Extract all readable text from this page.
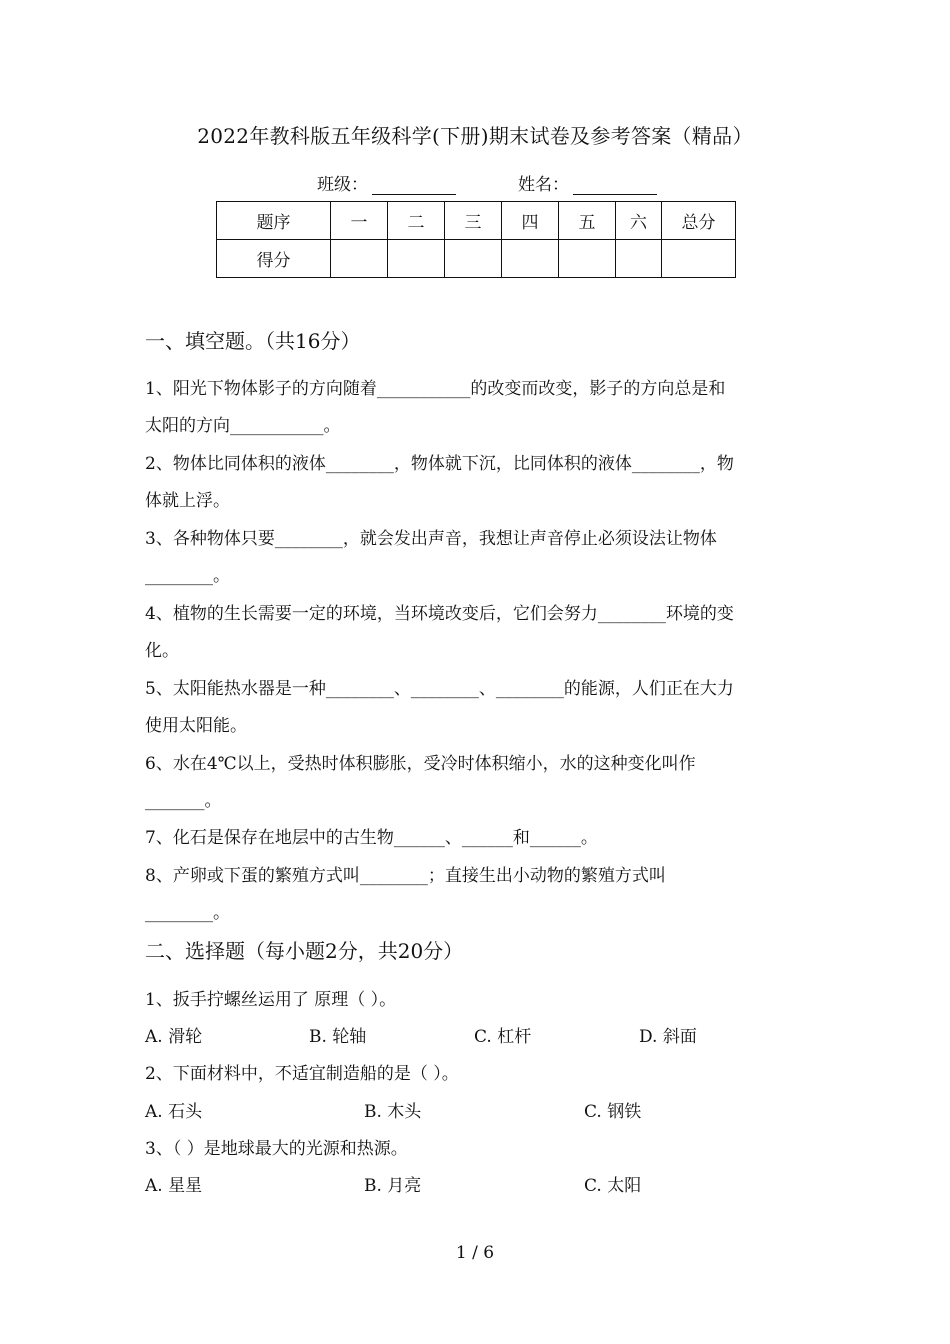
2022年教科版五年级科学(下册)期末试卷及参考答案（精品）
班级：	姓名：
题序	一	二	三	四	五	六	总分
得分							
一、填空题。（共16分）
1、阳光下物体影子的方向随着___________的改变而改变，影子的方向总是和
太阳的方向___________。
2、物体比同体积的液体________，物体就下沉，比同体积的液体________，物
体就上浮。
3、各种物体只要________，就会发出声音，我想让声音停止必须设法让物体
________。
4、植物的生长需要一定的环境，当环境改变后，它们会努力________环境的变
化。
5、太阳能热水器是一种________、________、________的能源，人们正在大力
使用太阳能。
6、水在4℃以上，受热时体积膨胀，受冷时体积缩小，水的这种变化叫作
_______。
7、化石是保存在地层中的古生物______、______和______。
8、产卵或下蛋的繁殖方式叫________；直接生出小动物的繁殖方式叫
________。
二、选择题（每小题2分，共20分）
1、扳手拧螺丝运用了 原理（ ）。
A. 滑轮	B. 轮轴	C. 杠杆	D. 斜面
2、下面材料中，不适宜制造船的是（ ）。
A. 石头	B. 木头	C. 钢铁
3、（ ）是地球最大的光源和热源。
A. 星星	B. 月亮	C. 太阳
1 / 6
